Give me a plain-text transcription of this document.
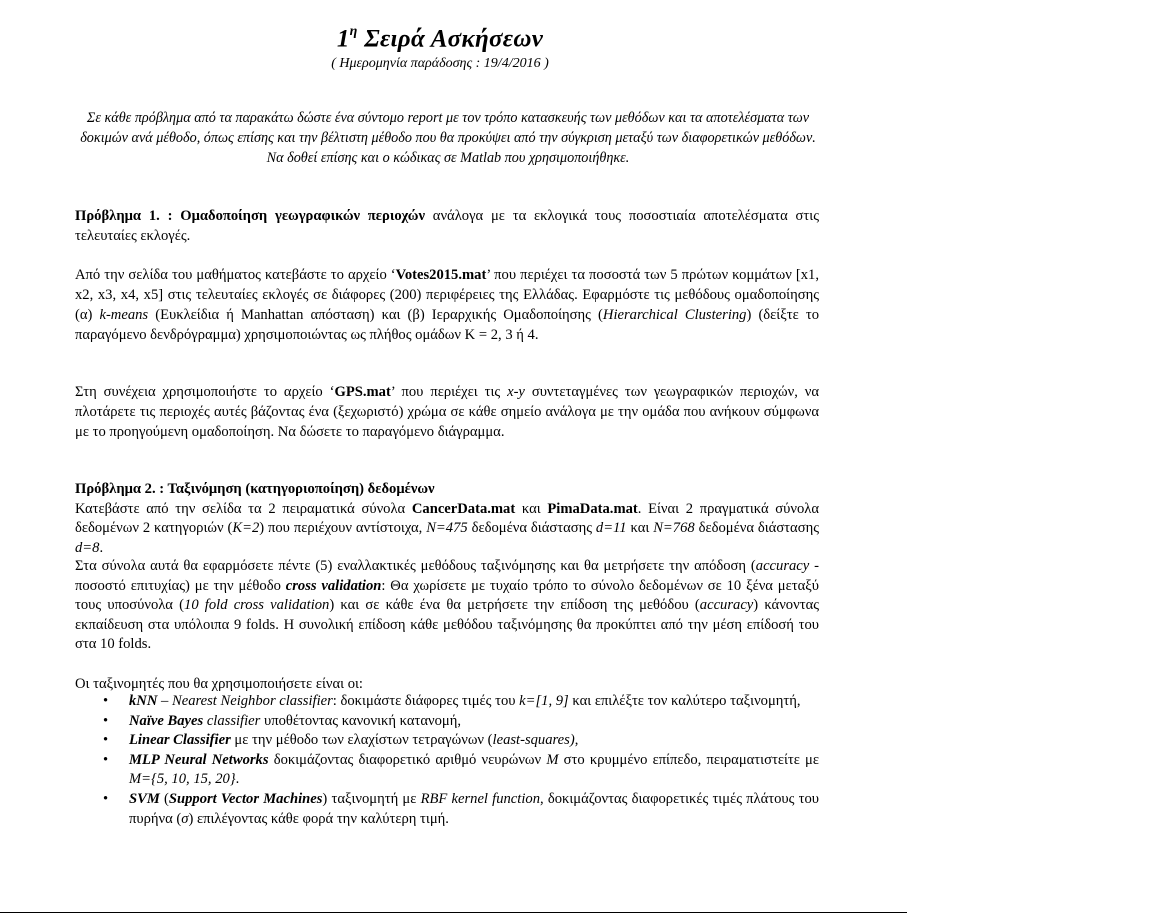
$1^\eta$ Σειρά Ασκήσεων
( Ημερομηνία παράδοσης : 19/4/2016 )
Σε κάθε πρόβλημα από τα παρακάτω δώστε ένα σύντομο report με τον τρόπο κατασκευής των μεθόδων και τα αποτελέσματα των δοκιμών ανά μέθοδο, όπως επίσης και την βέλτιστη μέθοδο που θα προκύψει από την σύγκριση μεταξύ των διαφορετικών μεθόδων. Να δοθεί επίσης και ο κώδικας σε Matlab που χρησιμοποιήθηκε.
Πρόβλημα 1. : Ομαδοποίηση γεωγραφικών περιοχών ανάλογα με τα εκλογικά τους ποσοστιαία αποτελέσματα στις τελευταίες εκλογές.
Από την σελίδα του μαθήματος κατεβάστε το αρχείο ‘Votes2015.mat’ που περιέχει τα ποσοστά των 5 πρώτων κομμάτων [x1, x2, x3, x4, x5] στις τελευταίες εκλογές σε διάφορες (200) περιφέρειες της Ελλάδας. Εφαρμόστε τις μεθόδους ομαδοποίησης (α) k-means (Ευκλείδια ή Manhattan απόσταση) και (β) Ιεραρχικής Ομαδοποίησης (Hierarchical Clustering) (δείξτε το παραγόμενο δενδρόγραμμα) χρησιμοποιώντας ως πλήθος ομάδων K = 2, 3 ή 4.
Στη συνέχεια χρησιμοποιήστε το αρχείο ‘GPS.mat’ που περιέχει τις x-y συντεταγμένες των γεωγραφικών περιοχών, να πλοτάρετε τις περιοχές αυτές βάζοντας ένα (ξεχωριστό) χρώμα σε κάθε σημείο ανάλογα με την ομάδα που ανήκουν σύμφωνα με το προηγούμενη ομαδοποίηση. Να δώσετε το παραγόμενο διάγραμμα.
Πρόβλημα 2. : Ταξινόμηση (κατηγοριοποίηση) δεδομένων
Κατεβάστε από την σελίδα τα 2 πειραματικά σύνολα CancerData.mat και PimaData.mat. Είναι 2 πραγματικά σύνολα δεδομένων 2 κατηγοριών (K=2) που περιέχουν αντίστοιχα, N=475 δεδομένα διάστασης d=11 και N=768 δεδομένα διάστασης d=8.
Στα σύνολα αυτά θα εφαρμόσετε πέντε (5) εναλλακτικές μεθόδους ταξινόμησης και θα μετρήσετε την απόδοση (accuracy - ποσοστό επιτυχίας) με την μέθοδο cross validation: Θα χωρίσετε με τυχαίο τρόπο το σύνολο δεδομένων σε 10 ξένα μεταξύ τους υποσύνολα (10 fold cross validation) και σε κάθε ένα θα μετρήσετε την επίδοση της μεθόδου (accuracy) κάνοντας εκπαίδευση στα υπόλοιπα 9 folds. Η συνολική επίδοση κάθε μεθόδου ταξινόμησης θα προκύπτει από την μέση επίδοσή του στα 10 folds.
Οι ταξινομητές που θα χρησιμοποιήσετε είναι οι:
• kNN – Nearest Neighbor classifier: δοκιμάστε διάφορες τιμές του k=[1, 9] και επιλέξτε τον καλύτερο ταξινομητή,
• Naïve Bayes classifier υποθέτοντας κανονική κατανομή,
• Linear Classifier με την μέθοδο των ελαχίστων τετραγώνων (least-squares),
• MLP Neural Networks δοκιμάζοντας διαφορετικό αριθμό νευρώνων M στο κρυμμένο επίπεδο, πειραματιστείτε με M={5, 10, 15, 20}.
• SVM (Support Vector Machines) ταξινομητή με RBF kernel function, δοκιμάζοντας διαφορετικές τιμές πλάτους του πυρήνα (σ) επιλέγοντας κάθε φορά την καλύτερη τιμή.
